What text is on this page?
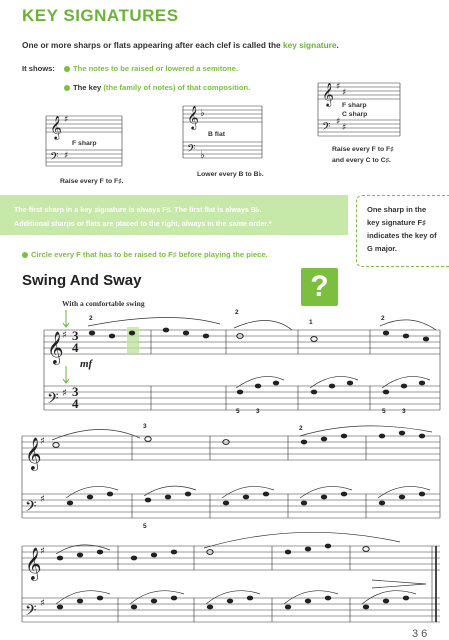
KEY SIGNATURES
One or more sharps or flats appearing after each clef is called the key signature.
It shows:	The notes to be raised or lowered a semitone.
The key (the family of notes) of that composition.
F sharp
Raise every F to F♯.
B flat
Lower every B to B♭.
F sharp
C sharp
Raise every F to F♯
and every C to C♯.

The first sharp in a key signature is always F♯. The first flat is always B♭.

Additional sharps or flats are placed to the right, always in the same order.*

One sharp in the
key signature F♯
indicates the key of
G major.
Circle every F that has to be raised to F♯ before playing the piece.
Swing And Sway
With a comfortable swing
?
𝄞
𝄢
𝄞
𝄢
𝄞
𝄢
♯
♯
♭
♭
♯
♯
♯
♯
𝄞
𝄢
♯
♯
𝄞
𝄢
♯
♯
𝄞
𝄢
♯
♯
3
4
3
4
mf
2
2
1
2
5	3	5	3
3	2
5
3 6
